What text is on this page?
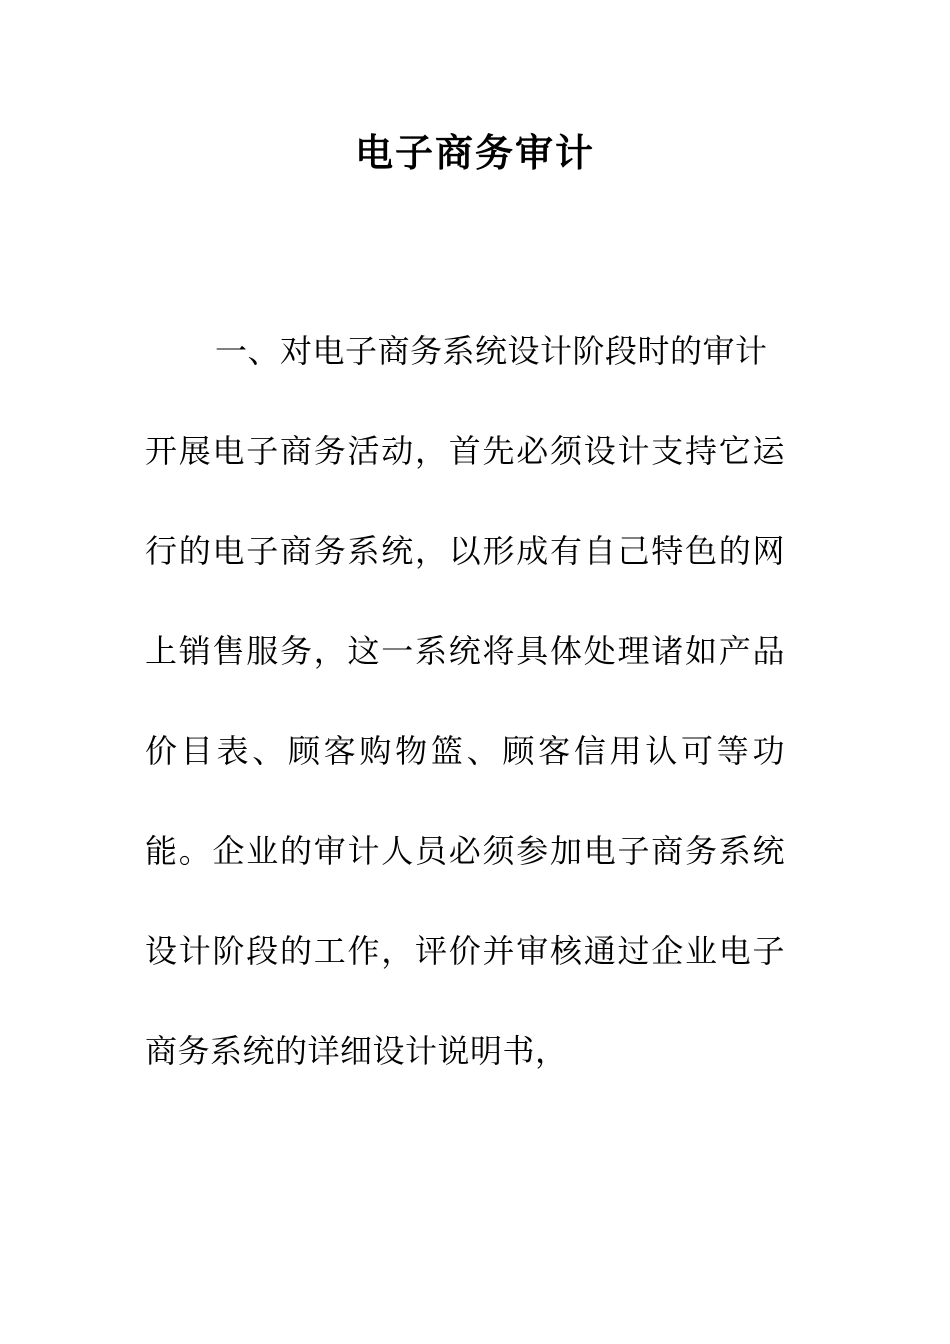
电子商务审计

一、对电子商务系统设计阶段时的审计

开展电子商务活动，首先必须设计支持它运行的电子商务系统，以形成有自己特色的网上销售服务，这一系统将具体处理诸如产品价目表、顾客购物篮、顾客信用认可等功能。企业的审计人员必须参加电子商务系统设计阶段的工作，评价并审核通过企业电子商务系统的详细设计说明书，
